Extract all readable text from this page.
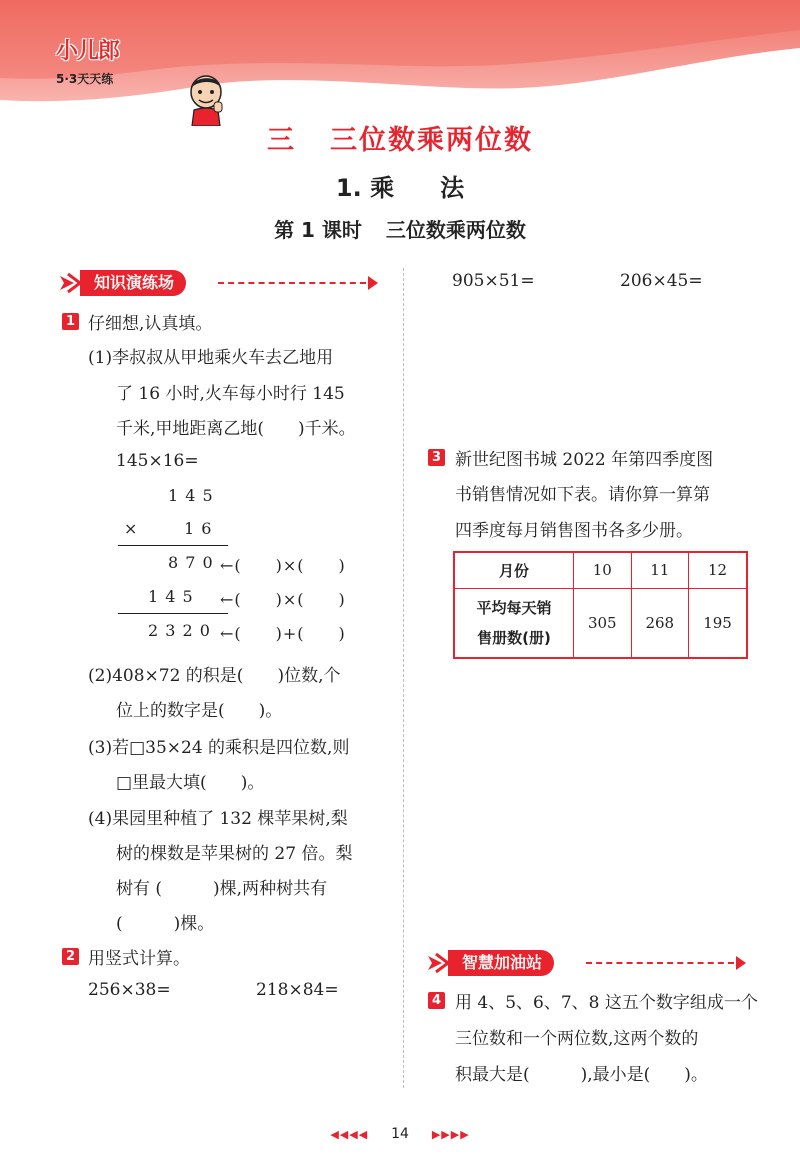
小儿郎
5·3天天练
三 三位数乘两位数
1. 乘 法
第 1 课时 三位数乘两位数
知识演练场
1 仔细想,认真填。
(1)李叔叔从甲地乘火车去乙地用
了 16 小时,火车每小时行 145
千米,甲地距离乙地(　　)千米。
145×16=
1 4 5
×	1 6
8 7 0 ←(　　)×(　　)
1 4 5 ←(　　)×(　　)
2 3 2 0 ←(　　)+(　　)
(2)408×72 的积是(　　)位数,个
位上的数字是(　　)。
(3)若□35×24 的乘积是四位数,则
□里最大填(　　)。
(4)果园里种植了 132 棵苹果树,梨
树的棵数是苹果树的 27 倍。梨
树有 (　　　)棵,两种树共有
(　　　)棵。
2 用竖式计算。
256×38=	218×84=
905×51=	206×45=
3 新世纪图书城 2022 年第四季度图
书销售情况如下表。请你算一算第
四季度每月销售图书各多少册。
月份	10	11	12

平均每天销
售册数(册)	305	268	195
智慧加油站
4 用 4、5、6、7、8 这五个数字组成一个
三位数和一个两位数,这两个数的
积最大是(　　　),最小是(　　)。
◀◀◀◀ 14 ▶▶▶▶
